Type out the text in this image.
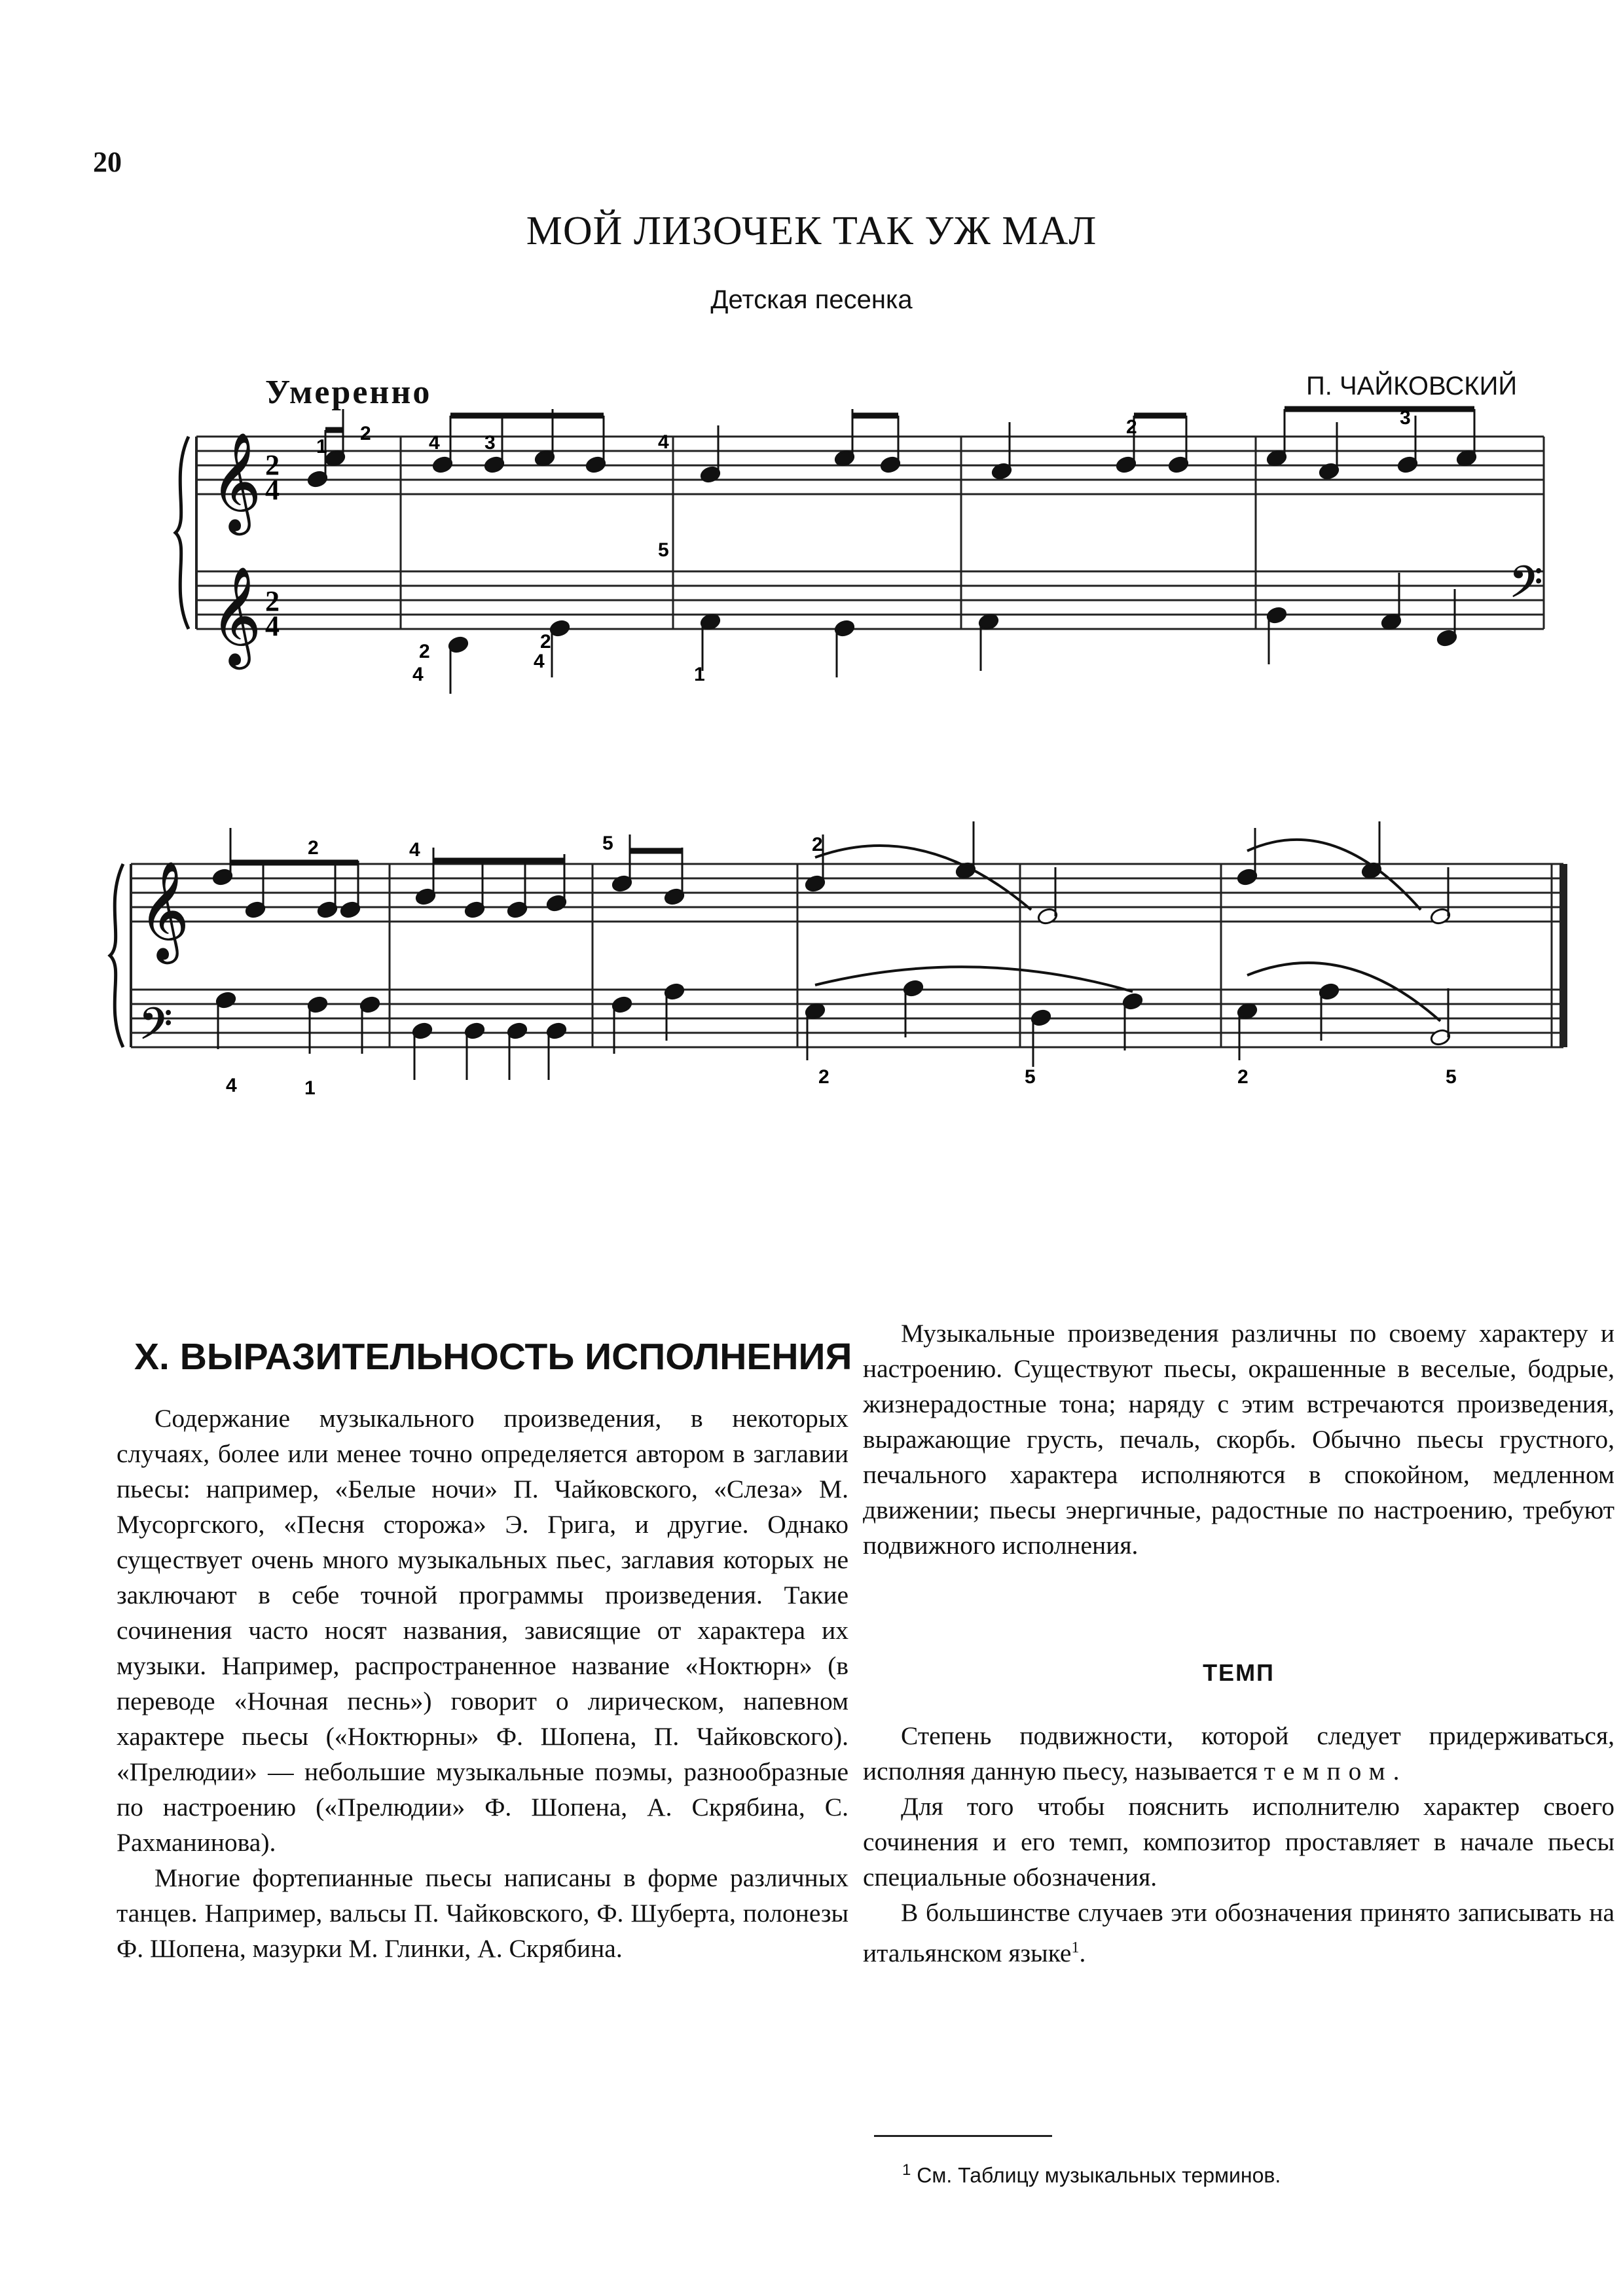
20
МОЙ ЛИЗОЧЕК ТАК УЖ МАЛ
Детская песенка
Умеренно	П. ЧАЙКОВСКИЙ
𝄞
𝄞	𝄢
𝄞
𝄢
2
4
2
4
1
2	4 3
2	3
4
5
2
4
2
4
1
2	4	5	2
4	1
2	5	2	5
X. ВЫРАЗИТЕЛЬНОСТЬ ИСПОЛНЕНИЯ

Содержание музыкального произведения, в некоторых случаях, более или менее точно определяется автором в заглавии пьесы: например, «Белые ночи» П. Чайковского, «Слеза» М. Мусоргского, «Песня сторожа» Э. Грига, и другие. Однако существует очень много музыкальных пьес, заглавия которых не заключают в себе точной программы произведения. Такие сочинения часто носят названия, зависящие от характера их музыки. Например, распространенное название «Ноктюрн» (в переводе «Ночная песнь») говорит о лирическом, напевном характере пьесы («Ноктюрны» Ф. Шопена, П. Чайковского). «Прелюдии» — небольшие музыкальные поэмы, разнообразные по настроению («Прелюдии» Ф. Шопена, А. Скрябина, С. Рахманинова).

Многие фортепианные пьесы написаны в форме различных танцев. Например, вальсы П. Чайковского, Ф. Шуберта, полонезы Ф. Шопена, мазурки М. Глинки, А. Скрябина.

Музыкальные произведения различны по своему характеру и настроению. Существуют пьесы, окрашенные в веселые, бодрые, жизнерадостные тона; наряду с этим встречаются произведения, выражающие грусть, печаль, скорбь. Обычно пьесы грустного, печального характера исполняются в спокойном, медленном движении; пьесы энергичные, радостные по настроению, требуют подвижного исполнения.

ТЕМП

Степень подвижности, которой следует придерживаться, исполняя данную пьесу, называется темпом.

Для того чтобы пояснить исполнителю характер своего сочинения и его темп, композитор проставляет в начале пьесы специальные обозначения.

В большинстве случаев эти обозначения принято записывать на итальянском языке$^1$.

$^1$ См. Таблицу музыкальных терминов.
